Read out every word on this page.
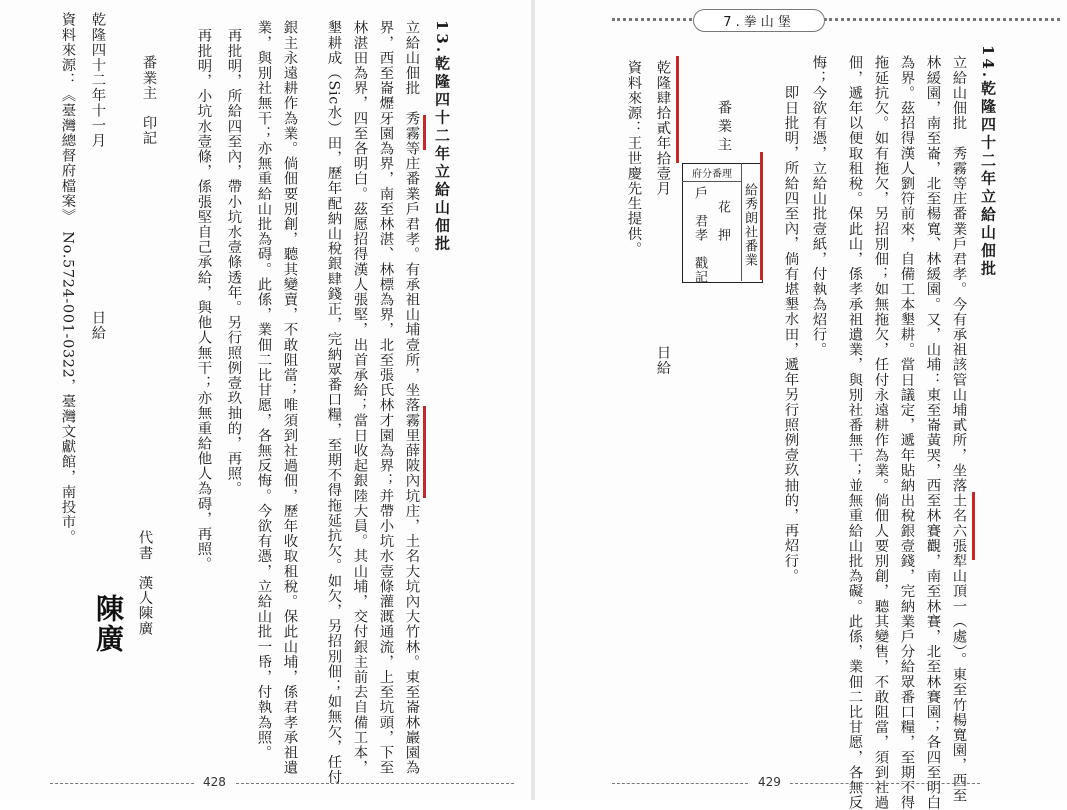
13.乾隆四十二年立給山佃批
立給山佃批　秀霧等庄番業戶君孝。有承祖山埔壹所，坐落霧里薛陂內坑庄，土名大坑內大竹林。東至崙林巖園為
界，西至崙爏牙園為界，南至林湛、林標為界，北至張氏林才園為界；并帶小坑水壹條灌溉通流，上至坑頭，下至
林湛田為界，四至各明白。茲愿招得漢人張堅，出首承給；當日收起銀陸大員。其山埔，交付銀主前去自備工本，
墾耕成（Sic水）田，歷年配納山稅銀肆錢正，完納眾番口糧，至期不得拖延抗欠。如欠，另招別佃；如無欠，任付
銀主永遠耕作為業。倘佃要別創，聽其變賣，不敢阻當；唯須到社過佃，歷年收取租稅。保此山埔，係君孝承祖遺
業，與別社無干；亦無重給山批為碍。此係，業佃二比甘愿，各無反悔。今欲有憑，立給山批一帋，付執為照。
再批明，所給四至內，帶小坑水壹條透年。另行照例壹玖抽的，再照。
再批明，小坑水壹條，係張堅自己承給，與他人無干；亦無重給他人為碍，再照。
番業主　印記
代書　漢人陳廣
乾隆四十二年十一月
日給
資料來源：《臺灣總督府檔案》　No.5724-001-0322，臺灣文獻館，南投市。
陳廣
428
7.拳山堡
14.乾隆四十二年立給山佃批
立給山佃批　秀霧等庄番業戶君孝。今有承祖該管山埔貳所，坐落土名六張犁山頂一（處）。東至竹楊寬園，西至
林緩園，南至崙，北至楊寬、林緩園。又，山埔：東至崙黃哭，西至林賽觀，南至林賽，北至林賽園；各四至明白
為界。茲招得漢人劉符前來，自備工本墾耕。當日議定，遞年貼納出稅銀壹錢，完納業戶分給眾番口糧，至期不得
拖延抗欠。如有拖欠，另招別佃；如無拖欠，任付永遠耕作為業。倘佃人要別創，聽其變售，不敢阻當，須到社過
佃，遞年以便取租稅。保此山，係孝承祖遺業，與別社番無干；並無重給山批為礙。此係，業佃二比甘愿，各無反
悔；今欲有憑，立給山批壹紙，付執為炤行。
即日批明，所給四至內，倘有堪墾水田，遞年另行照例壹玖抽的，再炤行。
番業主
府分番理
給秀朗社番業
花　押
戶　君孝　戳記
乾隆肆拾貳年拾壹月
日給
資料來源：王世慶先生提供。
429
